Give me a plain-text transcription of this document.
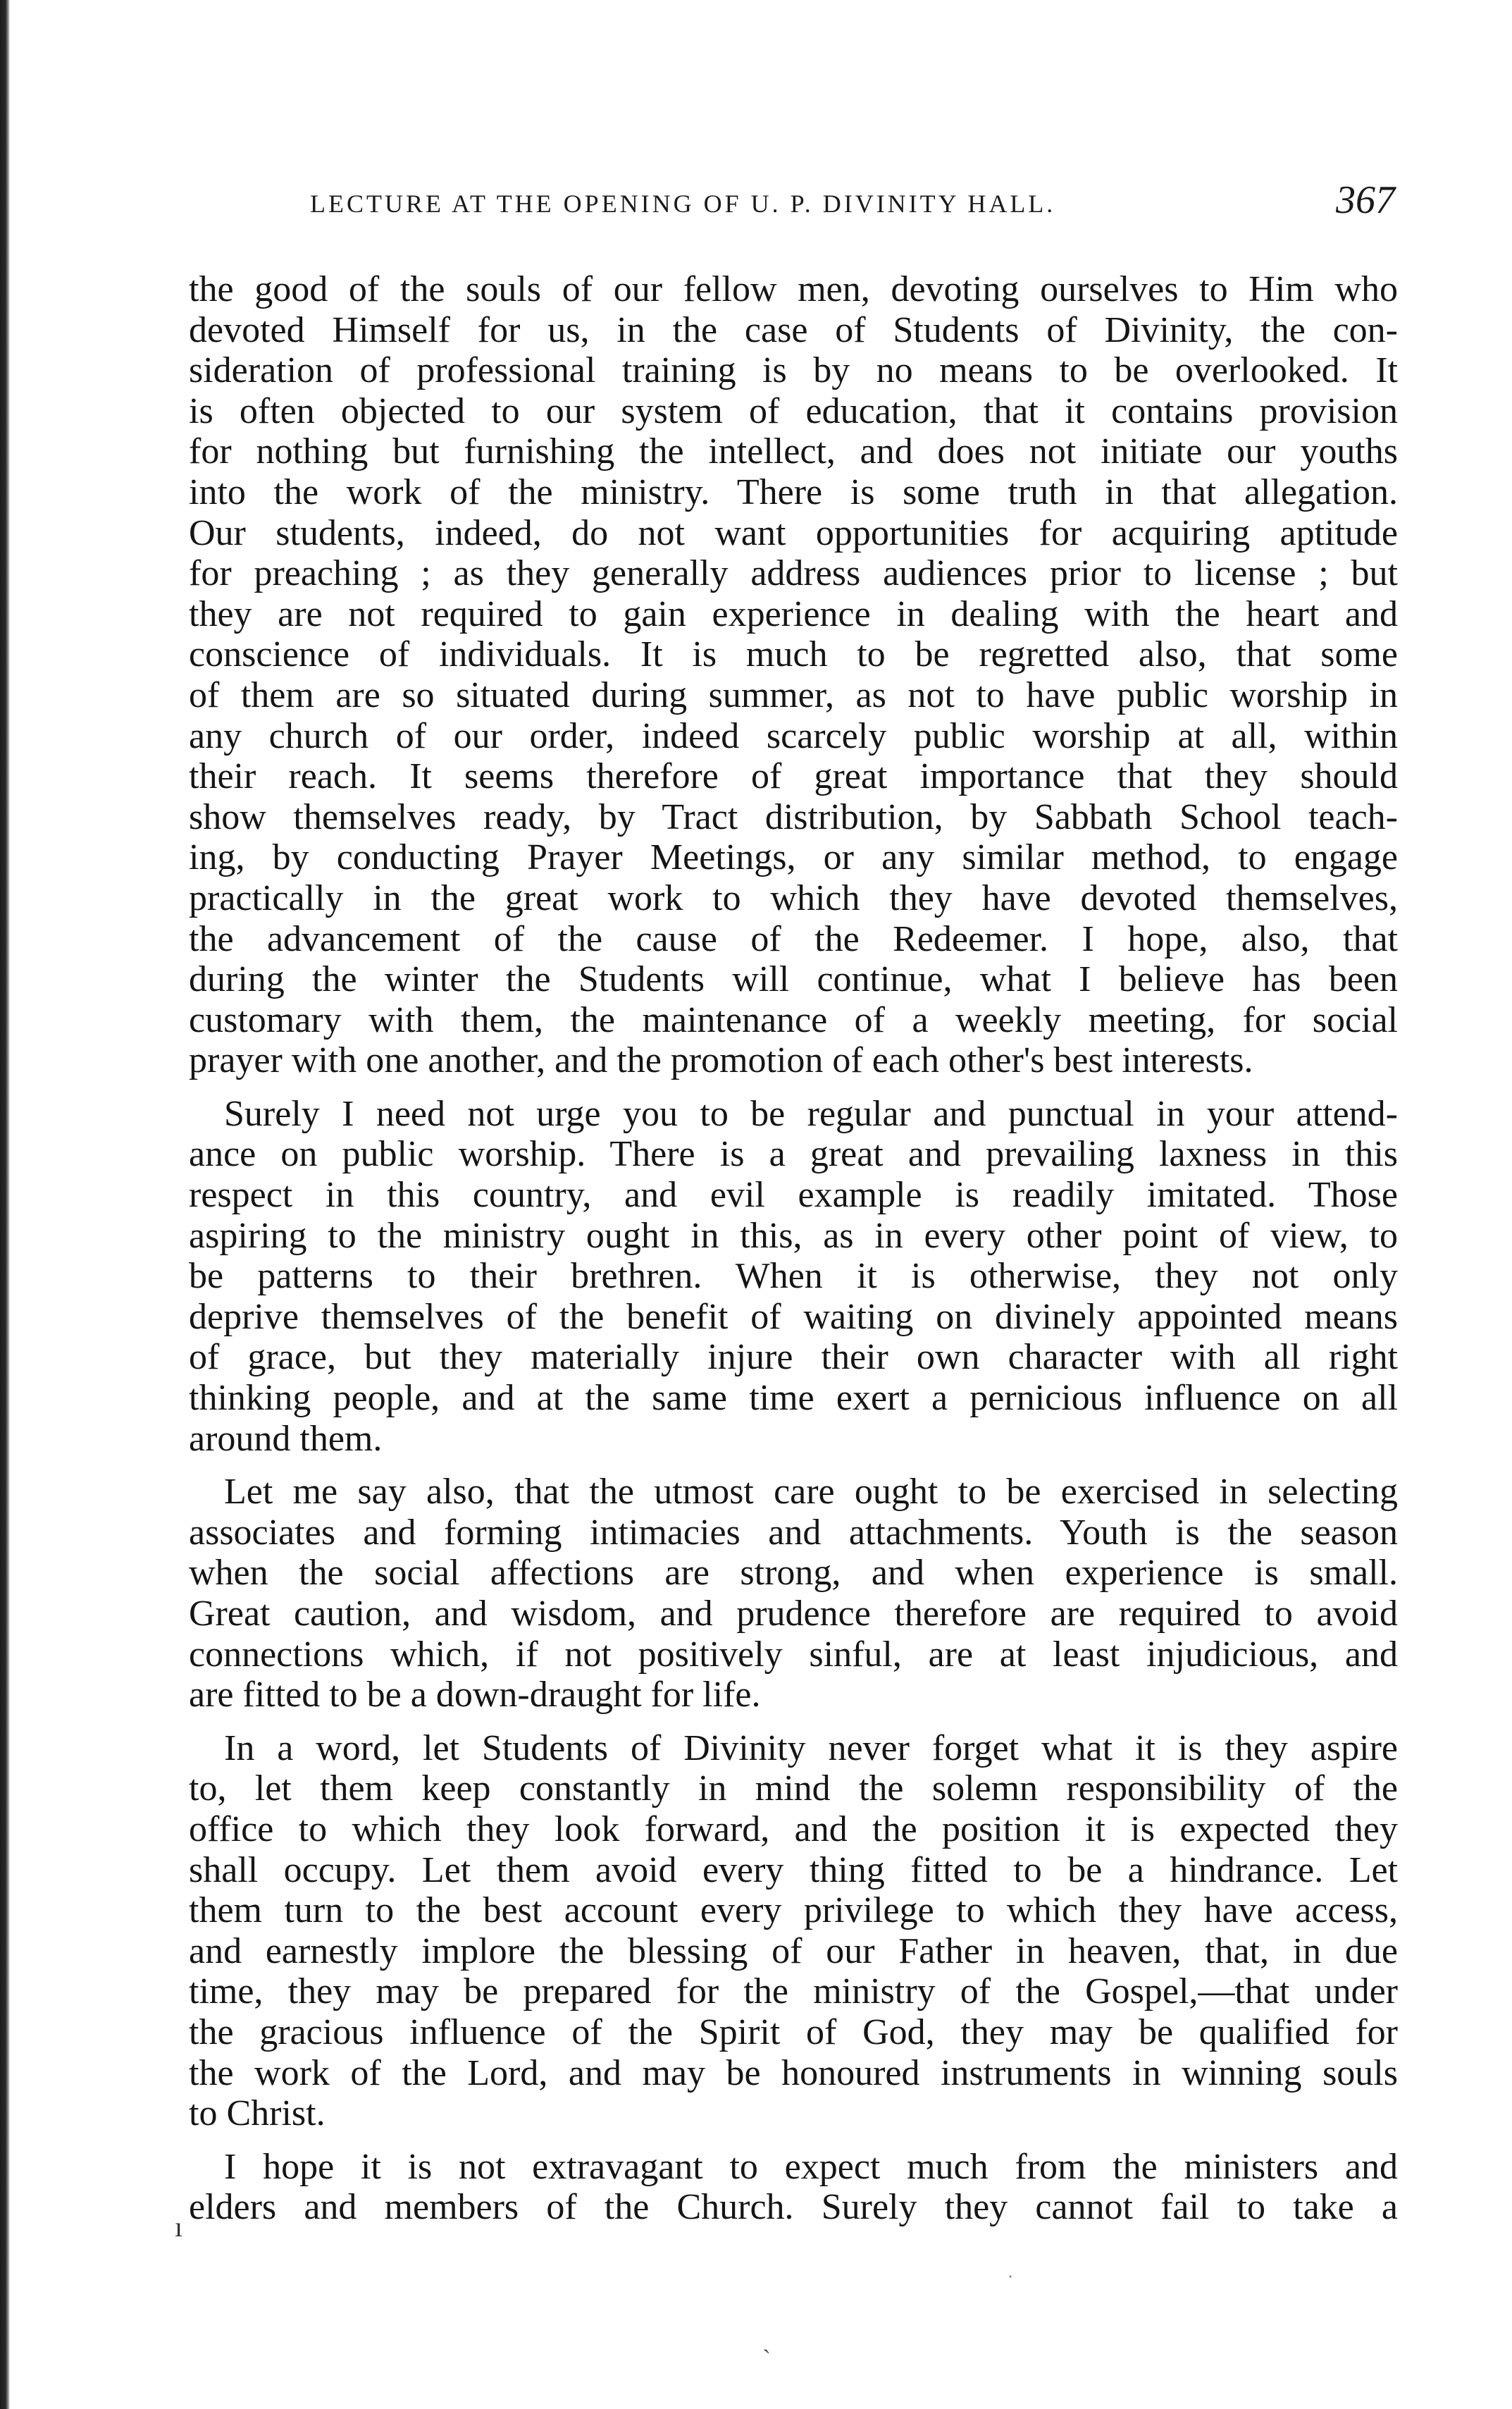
LECTURE AT THE OPENING OF U. P. DIVINITY HALL.	367
the good of the souls of our fellow men, devoting ourselves to Him who
devoted Himself for us, in the case of Students of Divinity, the con-
sideration of professional training is by no means to be overlooked. It
is often objected to our system of education, that it contains provision
for nothing but furnishing the intellect, and does not initiate our youths
into the work of the ministry. There is some truth in that allegation.
Our students, indeed, do not want opportunities for acquiring aptitude
for preaching ; as they generally address audiences prior to license ; but
they are not required to gain experience in dealing with the heart and
conscience of individuals. It is much to be regretted also, that some
of them are so situated during summer, as not to have public worship in
any church of our order, indeed scarcely public worship at all, within
their reach. It seems therefore of great importance that they should
show themselves ready, by Tract distribution, by Sabbath School teach-
ing, by conducting Prayer Meetings, or any similar method, to engage
practically in the great work to which they have devoted themselves,
the advancement of the cause of the Redeemer. I hope, also, that
during the winter the Students will continue, what I believe has been
customary with them, the maintenance of a weekly meeting, for social
prayer with one another, and the promotion of each other's best interests.
Surely I need not urge you to be regular and punctual in your attend-
ance on public worship. There is a great and prevailing laxness in this
respect in this country, and evil example is readily imitated. Those
aspiring to the ministry ought in this, as in every other point of view, to
be patterns to their brethren. When it is otherwise, they not only
deprive themselves of the benefit of waiting on divinely appointed means
of grace, but they materially injure their own character with all right
thinking people, and at the same time exert a pernicious influence on all
around them.
Let me say also, that the utmost care ought to be exercised in selecting
associates and forming intimacies and attachments. Youth is the season
when the social affections are strong, and when experience is small.
Great caution, and wisdom, and prudence therefore are required to avoid
connections which, if not positively sinful, are at least injudicious, and
are fitted to be a down-draught for life.
In a word, let Students of Divinity never forget what it is they aspire
to, let them keep constantly in mind the solemn responsibility of the
office to which they look forward, and the position it is expected they
shall occupy. Let them avoid every thing fitted to be a hindrance. Let
them turn to the best account every privilege to which they have access,
and earnestly implore the blessing of our Father in heaven, that, in due
time, they may be prepared for the ministry of the Gospel,—that under
the gracious influence of the Spirit of God, they may be qualified for
the work of the Lord, and may be honoured instruments in winning souls
to Christ.
I hope it is not extravagant to expect much from the ministers and
elders and members of the Church. Surely they cannot fail to take a
ı
ˏ
·
